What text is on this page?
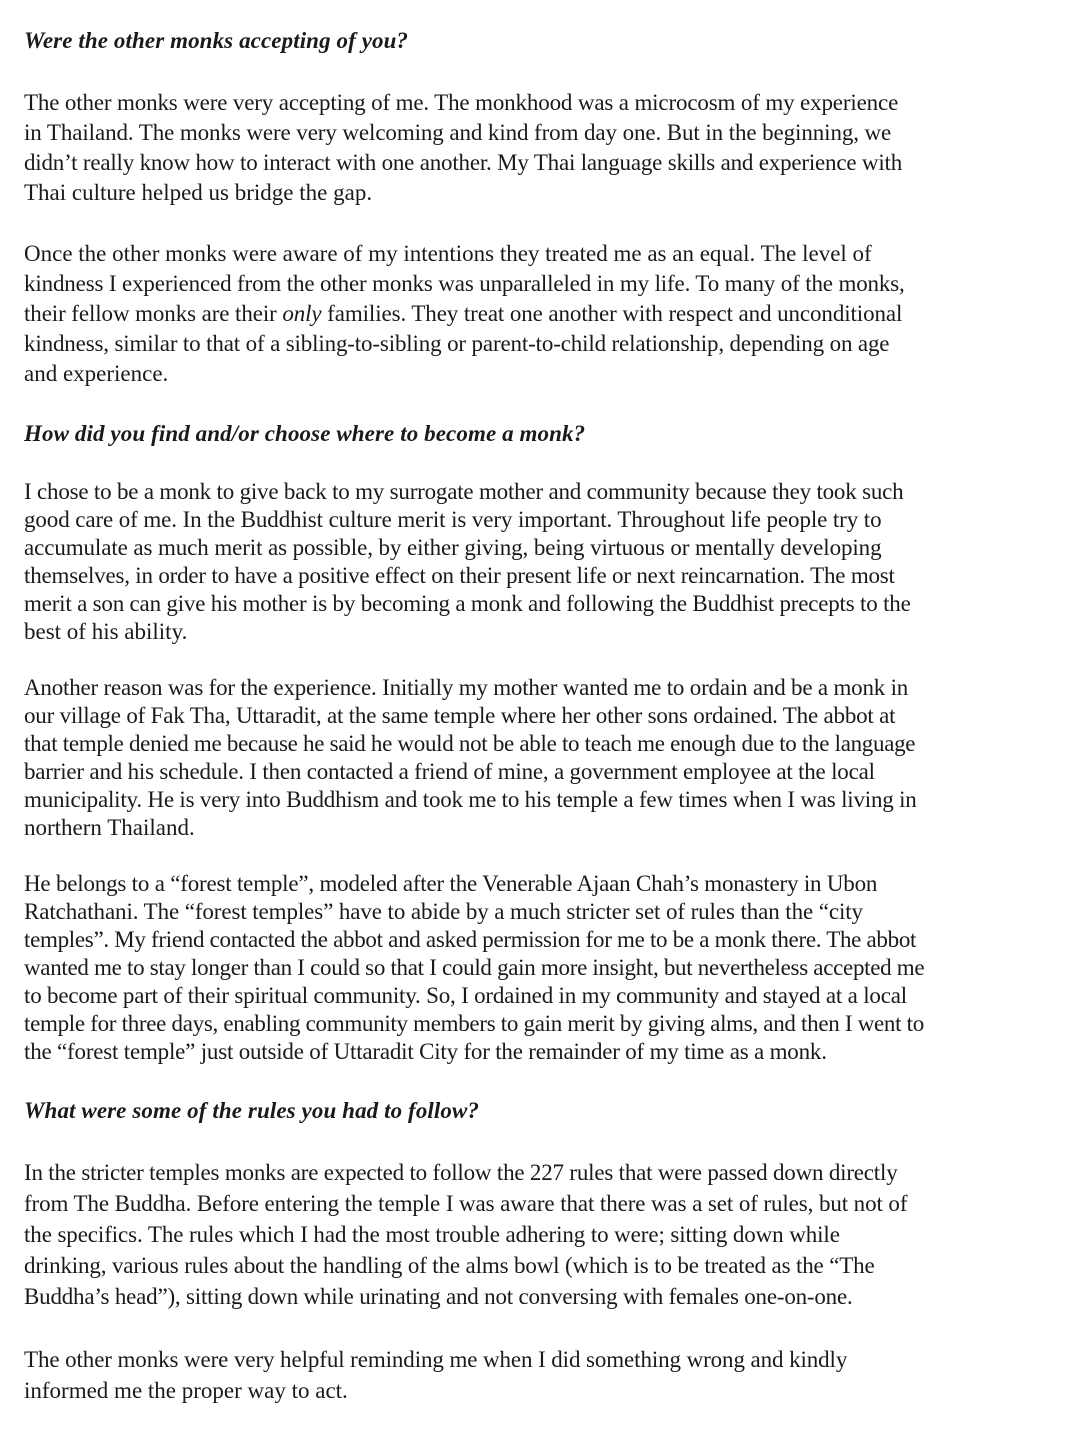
Were the other monks accepting of you?
The other monks were very accepting of me. The monkhood was a microcosm of my experience
in Thailand. The monks were very welcoming and kind from day one. But in the beginning, we
didn’t really know how to interact with one another. My Thai language skills and experience with
Thai culture helped us bridge the gap.
Once the other monks were aware of my intentions they treated me as an equal. The level of
kindness I experienced from the other monks was unparalleled in my life. To many of the monks,
their fellow monks are their only families. They treat one another with respect and unconditional
kindness, similar to that of a sibling-to-sibling or parent-to-child relationship, depending on age
and experience.
How did you find and/or choose where to become a monk?
I chose to be a monk to give back to my surrogate mother and community because they took such
good care of me. In the Buddhist culture merit is very important. Throughout life people try to
accumulate as much merit as possible, by either giving, being virtuous or mentally developing
themselves, in order to have a positive effect on their present life or next reincarnation. The most
merit a son can give his mother is by becoming a monk and following the Buddhist precepts to the
best of his ability.
Another reason was for the experience. Initially my mother wanted me to ordain and be a monk in
our village of Fak Tha, Uttaradit, at the same temple where her other sons ordained. The abbot at
that temple denied me because he said he would not be able to teach me enough due to the language
barrier and his schedule. I then contacted a friend of mine, a government employee at the local
municipality. He is very into Buddhism and took me to his temple a few times when I was living in
northern Thailand.
He belongs to a “forest temple”, modeled after the Venerable Ajaan Chah’s monastery in Ubon
Ratchathani. The “forest temples” have to abide by a much stricter set of rules than the “city
temples”. My friend contacted the abbot and asked permission for me to be a monk there. The abbot
wanted me to stay longer than I could so that I could gain more insight, but nevertheless accepted me
to become part of their spiritual community. So, I ordained in my community and stayed at a local
temple for three days, enabling community members to gain merit by giving alms, and then I went to
the “forest temple” just outside of Uttaradit City for the remainder of my time as a monk.
What were some of the rules you had to follow?
In the stricter temples monks are expected to follow the 227 rules that were passed down directly
from The Buddha. Before entering the temple I was aware that there was a set of rules, but not of
the specifics. The rules which I had the most trouble adhering to were; sitting down while
drinking, various rules about the handling of the alms bowl (which is to be treated as the “The
Buddha’s head”), sitting down while urinating and not conversing with females one-on-one.
The other monks were very helpful reminding me when I did something wrong and kindly
informed me the proper way to act.
